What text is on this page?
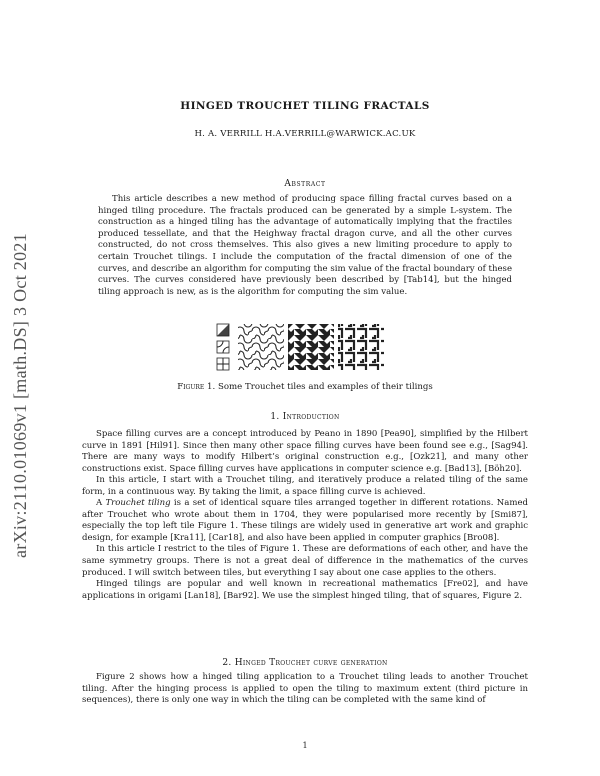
arXiv:2110.01069v1 [math.DS] 3 Oct 2021
HINGED TROUCHET TILING FRACTALS
H. A. VERRILL H.A.VERRILL@WARWICK.AC.UK
Abstract

This article describes a new method of producing space filling fractal curves based on a hinged tiling procedure. The fractals produced can be generated by a simple L-system. The construction as a hinged tiling has the advantage of automatically implying that the fractiles produced tessellate, and that the Heighway fractal dragon curve, and all the other curves constructed, do not cross themselves. This also gives a new limiting procedure to apply to certain Trouchet tilings. I include the computation of the fractal dimension of one of the curves, and describe an algorithm for computing the sim value of the fractal boundary of these curves. The curves considered have previously been described by [Tab14], but the hinged tiling approach is new, as is the algorithm for computing the sim value.

Figure 1. Some Trouchet tiles and examples of their tilings
1. Introduction

Space filling curves are a concept introduced by Peano in 1890 [Pea90], simplified by the Hilbert curve in 1891 [Hil91]. Since then many other space filling curves have been found see e.g., [Sag94]. There are many ways to modify Hilbert’s original construction e.g., [Ozk21], and many other constructions exist. Space filling curves have applications in computer science e.g. [Bad13], [Böh20].

In this article, I start with a Trouchet tiling, and iteratively produce a related tiling of the same form, in a continuous way. By taking the limit, a space filling curve is achieved.

A Trouchet tiling is a set of identical square tiles arranged together in different rotations. Named after Trouchet who wrote about them in 1704, they were popularised more recently by [Smi87], especially the top left tile Figure 1. These tilings are widely used in generative art work and graphic design, for example [Kra11], [Car18], and also have been applied in computer graphics [Bro08].

In this article I restrict to the tiles of Figure 1. These are deformations of each other, and have the same symmetry groups. There is not a great deal of difference in the mathematics of the curves produced. I will switch between tiles, but everything I say about one case applies to the others.

Hinged tilings are popular and well known in recreational mathematics [Fre02], and have applications in origami [Lan18], [Bar92]. We use the simplest hinged tiling, that of squares, Figure 2.

2. Hinged Trouchet curve generation

Figure 2 shows how a hinged tiling application to a Trouchet tiling leads to another Trouchet tiling. After the hinging process is applied to open the tiling to maximum extent (third picture in sequences), there is only one way in which the tiling can be completed with the same kind of

1
